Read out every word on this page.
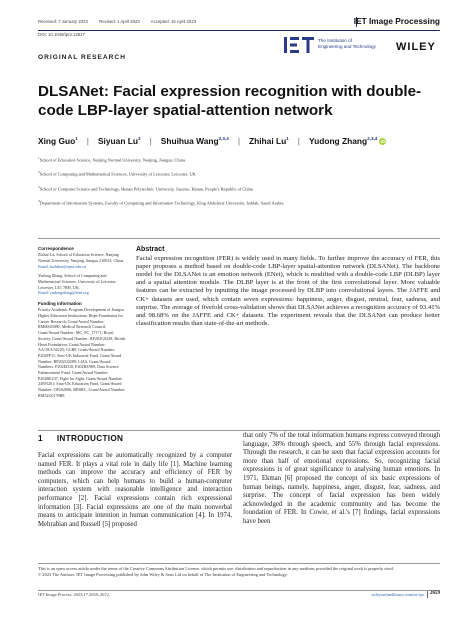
Received: 7 January 2023	Revised: 1 April 2023	Accepted: 15 April 2023	IET Image Processing
DOI: 10.1049/ipr2.12817
The Institution of
Engineering and Technology WILEY
ORIGINAL RESEARCH
DLSANet: Facial expression recognition with double-code LBP-layer spatial-attention network
Xing Guo$^1$ | Siyuan Lu$^3$ | Shuihua Wang$^{2,3,4}$ | Zhihai Lu$^1$ | Yudong Zhang$^{2,3,4}$iD
$^1$School of Education Science, Nanjing Normal University, Nanjing, Jiangsu, China
$^2$School of Computing and Mathematical Sciences, University of Leicester, Leicester, UK
$^3$School of Computer Science and Technology, Henan Polytechnic University, Jiaozuo, Henan, People's Republic of China
$^4$Department of Information Systems, Faculty of Computing and Information Technology, King Abdulaziz University, Jeddah, Saudi Arabia
Correspondence
Zhihai Lu, School of Education Science, Nanjing Normal University, Nanjing, Jiangsu 210023, China.
Email: luzhihai@njnu.edu.cn
Yudong Zhang, School of Computing and Mathematical Sciences, University of Leicester, Leicester, LE1 7RH, UK.
Email: yudongzhang@ieee.org
Funding information
Priority Academic Program Development of Jiangsu Higher Education Institutions; Hope Foundation for Cancer Research, Grant/Award Number: RM60G0680; Medical Research Council, Grant/Award Number: MC_PC_17171; Royal Society, Grant/Award Number: RP202G0230; British Heart Foundation, Grant/Award Number: AA/18/3/34220; GCRF, Grant/Award Number: P202PF11; Sino-UK Industrial Fund, Grant/Award Number: RP202G0289; LIAS, Grant/Award Numbers: P202ED10, P202RE969; Data Science Enhancement Fund, Grant/Award Number: P202RE237; Fight for Sight, Grant/Award Number: 24NN201; Sino-UK Education Fund, Grant/Award Number: OP202006; BBSRC, Grant/Award Number: RM32G0178B8
Abstract

Facial expression recognition (FER) is widely used in many fields. To further improve the accuracy of FER, this paper proposes a method based on double-code LBP-layer spatial-attention network (DLSANet). The backbone model for the DLSANet is an emotion network (ENet), which is modified with a double-code LBP (DLBP) layer and a spatial attention module. The DLBP layer is at the front of the first convolutional layer. More valuable features can be extracted by inputting the image processed by DLBP into convolutional layers. The JAFFE and CK+ datasets are used, which contain seven expressions: happiness, anger, disgust, neutral, fear, sadness, and surprise. The average of fivefold cross-validation shows that DLSANet achieves a recognition accuracy of 93.41% and 98.68% on the JAFFE and CK+ datasets. The experiment reveals that the DLSANet can produce better classification results than state-of-the-art methods.

1 INTRODUCTION
Facial expressions can be automatically recognized by a computer named FER. It plays a vital role in daily life [1]. Machine learning methods can improve the accuracy and efficiency of FER by computers, which can help humans to build a human-computer interaction system with reasonable intelligence and interaction performance [2]. Facial expressions contain rich expressional information [3]. Facial expressions are one of the main nonverbal means to anticipate intention in human communication [4]. In 1974, Mehrabian and Russell [5] proposed
that only 7% of the total information humans express conveyed through language, 38% through speech, and 55% through facial expressions. Through the research, it can be seen that facial expression accounts for more than half of emotional expressions. So, recognizing facial expressions is of great significance to analysing human emotions. In 1971, Ekman [6] proposed the concept of six basic expressions of human beings, namely, happiness, anger, disgust, fear, sadness, and surprise. The concept of facial expression has been widely acknowledged in the academic community and has become the foundation of FER. In Cowie, et al.'s [7] findings, facial expressions have been
This is an open access article under the terms of the Creative Commons Attribution License, which permits use, distribution and reproduction in any medium, provided the original work is properly cited.
© 2023 The Authors. IET Image Processing published by John Wiley & Sons Ltd on behalf of The Institution of Engineering and Technology.
IET Image Process. 2023;17:2659–2672.	wileyonlinelibrary.com/iet-ipr 2659
